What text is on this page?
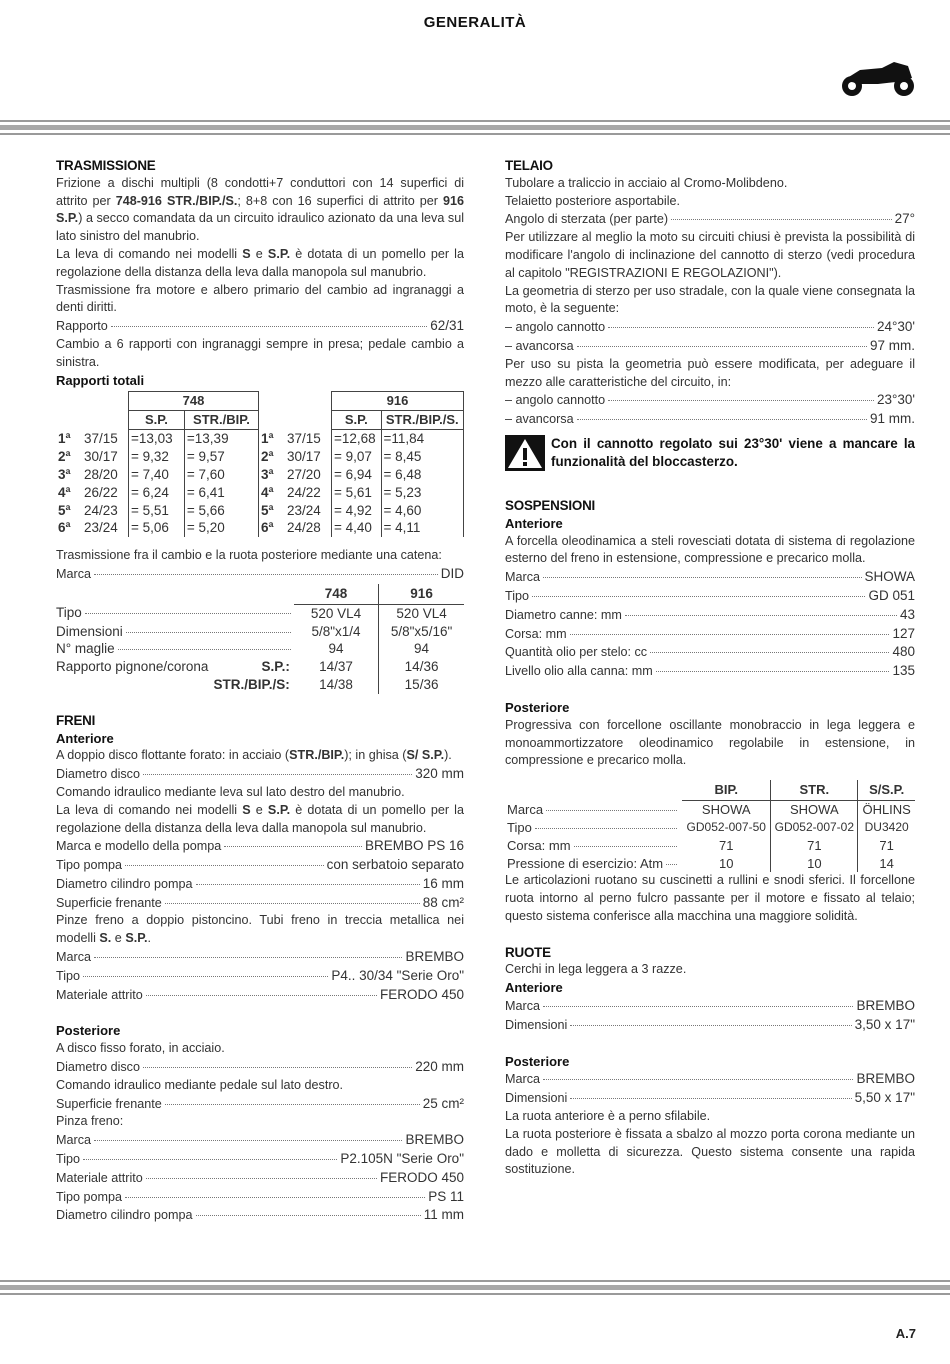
GENERALITÀ
TRASMISSIONE

Frizione a dischi multipli (8 condotti+7 conduttori con 14 superfici di attrito per 748-916 STR./BIP./S.; 8+8 con 16 superfici di attrito per 916 S.P.) a secco comandata da un circuito idraulico azionato da una leva sul lato sinistro del manubrio.

La leva di comando nei modelli S e S.P. è dotata di un pomello per la regolazione della distanza della leva dalla manopola sul manubrio.

Trasmissione fra motore e albero primario del cambio ad ingranaggi a denti diritti.

Rapporto	62/31

Cambio a 6 rapporti con ingranaggi sempre in presa; pedale cambio a sinistra.

Rapporti totali
		748	
		S.P.	STR./BIP.
1ª	37/15	=13,03	=13,39
2ª	30/17	= 9,32	= 9,57
3ª	28/20	= 7,40	= 7,60
4ª	26/22	= 6,24	= 6,41
5ª	24/23	= 5,51	= 5,66
6ª	23/24	= 5,06	= 5,20
		916	
		S.P.	STR./BIP./S.
1ª	37/15	=12,68	=11,84
2ª	30/17	= 9,07	= 8,45
3ª	27/20	= 6,94	= 6,48
4ª	24/22	= 5,61	= 5,23
5ª	23/24	= 4,92	= 4,60
6ª	24/28	= 4,40	= 4,11

Trasmissione fra il cambio e la ruota posteriore mediante una catena:

Marca	DID
	748	916

Tipo	520 VL4	520 VL4

Dimensioni	5/8"x1/4	5/8"x5/16"

N° maglie	94	94
Rapporto pignone/corona S.P.:	14/37	14/36
STR./BIP./S:	14/38	15/36
FRENI
Anteriore

A doppio disco flottante forato: in acciaio (STR./BIP.); in ghisa (S/ S.P.).

Diametro disco	320 mm

Comando idraulico mediante leva sul lato destro del manubrio.

La leva di comando nei modelli S e S.P. è dotata di un pomello per la regolazione della distanza della leva dalla manopola sul manubrio.

Marca e modello della pompa	BREMBO PS 16
Tipo pompa	con serbatoio separato
Diametro cilindro pompa	16 mm
Superficie frenante	88 cm²

Pinze freno a doppio pistoncino. Tubi freno in treccia metallica nei modelli S. e S.P..

Marca	BREMBO
Tipo	P4.. 30/34 "Serie Oro"
Materiale attrito	FERODO 450
Posteriore

A disco fisso forato, in acciaio.

Diametro disco	220 mm

Comando idraulico mediante pedale sul lato destro.

Superficie frenante	25 cm²

Pinza freno:

Marca	BREMBO
Tipo	P2.105N "Serie Oro"
Materiale attrito	FERODO 450
Tipo pompa	PS 11
Diametro cilindro pompa	11 mm
TELAIO

Tubolare a traliccio in acciaio al Cromo-Molibdeno.

Telaietto posteriore asportabile.

Angolo di sterzata (per parte)	27°

Per utilizzare al meglio la moto su circuiti chiusi è prevista la possibilità di modificare l'angolo di inclinazione del cannotto di sterzo (vedi procedura al capitolo "REGISTRAZIONI E REGOLAZIONI").

La geometria di sterzo per uso stradale, con la quale viene consegnata la moto, è la seguente:

– angolo cannotto	24°30'
– avancorsa	97 mm.

Per uso su pista la geometria può essere modificata, per adeguare il mezzo alle caratteristiche del circuito, in:

– angolo cannotto	23°30'
– avancorsa	91 mm.

Con il cannotto regolato sui 23°30' viene a mancare la funzionalità del bloccasterzo.

SOSPENSIONI
Anteriore

A forcella oleodinamica a steli rovesciati dotata di sistema di regolazione esterno del freno in estensione, compressione e precarico molla.

Marca	SHOWA
Tipo	GD 051
Diametro canne: mm	43
Corsa: mm	127
Quantità olio per stelo: cc	480
Livello olio alla canna: mm	135
Posteriore

Progressiva con forcellone oscillante monobraccio in lega leggera e monoammortizzatore oleodinamico regolabile in estensione, in compressione e precarico molla.

	BIP.	STR.	S/S.P.

Marca	SHOWA	SHOWA	ÖHLINS

Tipo	GD052-007-50	GD052-007-02	DU3420

Corsa: mm	71	71	71

Pressione di esercizio: Atm	10	10	14

Le articolazioni ruotano su cuscinetti a rullini e snodi sferici. Il forcellone ruota intorno al perno fulcro passante per il motore e fissato al telaio; questo sistema conferisce alla macchina una maggiore solidità.

RUOTE

Cerchi in lega leggera a 3 razze.

Anteriore
Marca	BREMBO
Dimensioni	3,50 x 17"
Posteriore
Marca	BREMBO
Dimensioni	5,50 x 17"

La ruota anteriore è a perno sfilabile.

La ruota posteriore è fissata a sbalzo al mozzo porta corona mediante un dado e molletta di sicurezza. Questo sistema consente una rapida sostituzione.

A.7
